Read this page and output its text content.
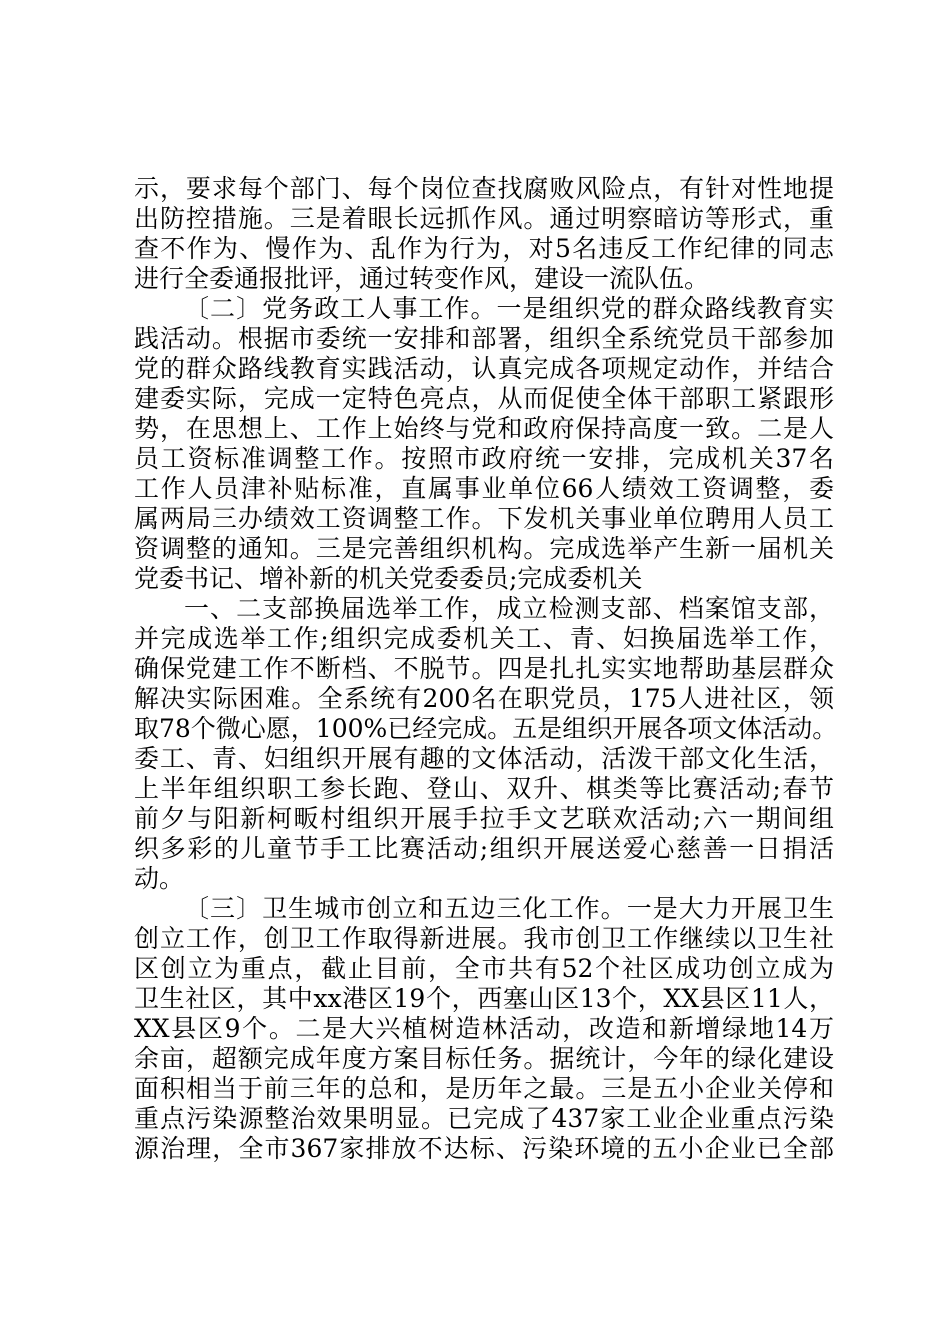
示，要求每个部门、每个岗位查找腐败风险点，有针对性地提
出防控措施。三是着眼长远抓作风。通过明察暗访等形式，重
查不作为、慢作为、乱作为行为，对5名违反工作纪律的同志
进行全委通报批评，通过转变作风，建设一流队伍。
〔二〕党务政工人事工作。一是组织党的群众路线教育实
践活动。根据市委统一安排和部署，组织全系统党员干部参加
党的群众路线教育实践活动，认真完成各项规定动作，并结合
建委实际，完成一定特色亮点，从而促使全体干部职工紧跟形
势，在思想上、工作上始终与党和政府保持高度一致。二是人
员工资标准调整工作。按照市政府统一安排，完成机关37名
工作人员津补贴标准，直属事业单位66人绩效工资调整，委
属两局三办绩效工资调整工作。下发机关事业单位聘用人员工
资调整的通知。三是完善组织机构。完成选举产生新一届机关
党委书记、增补新的机关党委委员;完成委机关
一、二支部换届选举工作，成立检测支部、档案馆支部，
并完成选举工作;组织完成委机关工、青、妇换届选举工作，
确保党建工作不断档、不脱节。四是扎扎实实地帮助基层群众
解决实际困难。全系统有200名在职党员，175人进社区，领
取78个微心愿，100%已经完成。五是组织开展各项文体活动。
委工、青、妇组织开展有趣的文体活动，活泼干部文化生活，
上半年组织职工参长跑、登山、双升、棋类等比赛活动;春节
前夕与阳新柯畈村组织开展手拉手文艺联欢活动;六一期间组
织多彩的儿童节手工比赛活动;组织开展送爱心慈善一日捐活
动。
〔三〕卫生城市创立和五边三化工作。一是大力开展卫生
创立工作，创卫工作取得新进展。我市创卫工作继续以卫生社
区创立为重点，截止目前，全市共有52个社区成功创立成为
卫生社区，其中xx港区19个，西塞山区13个，XX县区11人，
XX县区9个。二是大兴植树造林活动，改造和新增绿地14万
余亩，超额完成年度方案目标任务。据统计，今年的绿化建设
面积相当于前三年的总和，是历年之最。三是五小企业关停和
重点污染源整治效果明显。已完成了437家工业企业重点污染
源治理，全市367家排放不达标、污染环境的五小企业已全部
